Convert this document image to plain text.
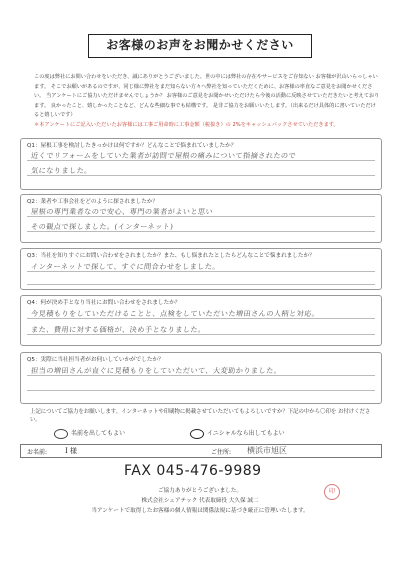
お客様のお声をお聞かせください
この度は弊社にお問い合わせをいただき、誠にありがとうございました。世の中には弊社の存在やサービスをご存知ない お客様が沢山いらっしゃいます。 そこでお願いがあるのですが、同じ様に弊社をまだ知らない方々へ弊社を知っていただくために、お客様の率直なご意見をお聞かせください。 当アンケートにご協力いただけませんでしょうか？ お客様のご意見をお聞かせいただけたら今後の活動に反映させていただきたいと考えております。 良かったこと、嬉しかったことなど、どんな些細な事でも結構です。 是非ご協力をお願いいたします。（出来るだけ具体的に書いていただけると嬉しいです）
＊本アンケートにご記入いただいたお客様には工事ご用命時に工事金額（税抜き）の 2%をキャッシュバックさせていただきます。
Q1：屋根工事を検討したきっかけは何ですか？どんなことで悩まれていましたか？
近くでリフォームをしていた業者が訪問で屋根の痛みについて指摘されたので
気になりました。
Q2：業者や工事会社をどのように探されましたか？
屋根の専門業者なので安心、専門の業者がよいと思い
その観点で探しました。(インターネット)
Q3：当社を知りすぐにお問い合わせをされましたか？また、もし悩まれたとしたらどんなことで悩まれましたか？
インターネットで探して、すぐに問合わせをしました。
Q4：何が決め手となり当社にお問い合わせをされましたか？
今見積もりをしていただけることと、点検をしていただいた増田さんの人柄と対応。
また、費用に対する価格が、決め手となりました。
Q5：実際に当社担当者がお伺いしていかがでしたか？
担当の増田さんが直ぐに見積もりをしていただいて、大変助かりました。
上記についてご協力をお願いします。インターネットや印刷物に掲載させていただいてもよろしいですか？下記の中から〇印を お付けください。
名前を出してもよい	イニシャルなら出してもよい
お名前:	I 様	ご住所: 横浜市旭区
FAX 045-476-9989
ご協力ありがとうございました。
株式会社シェアテック 代表取締役 大久保 誠二
当アンケートで取得したお客様の個人情報は関係法規に基づき厳正に管理いたします。
印
